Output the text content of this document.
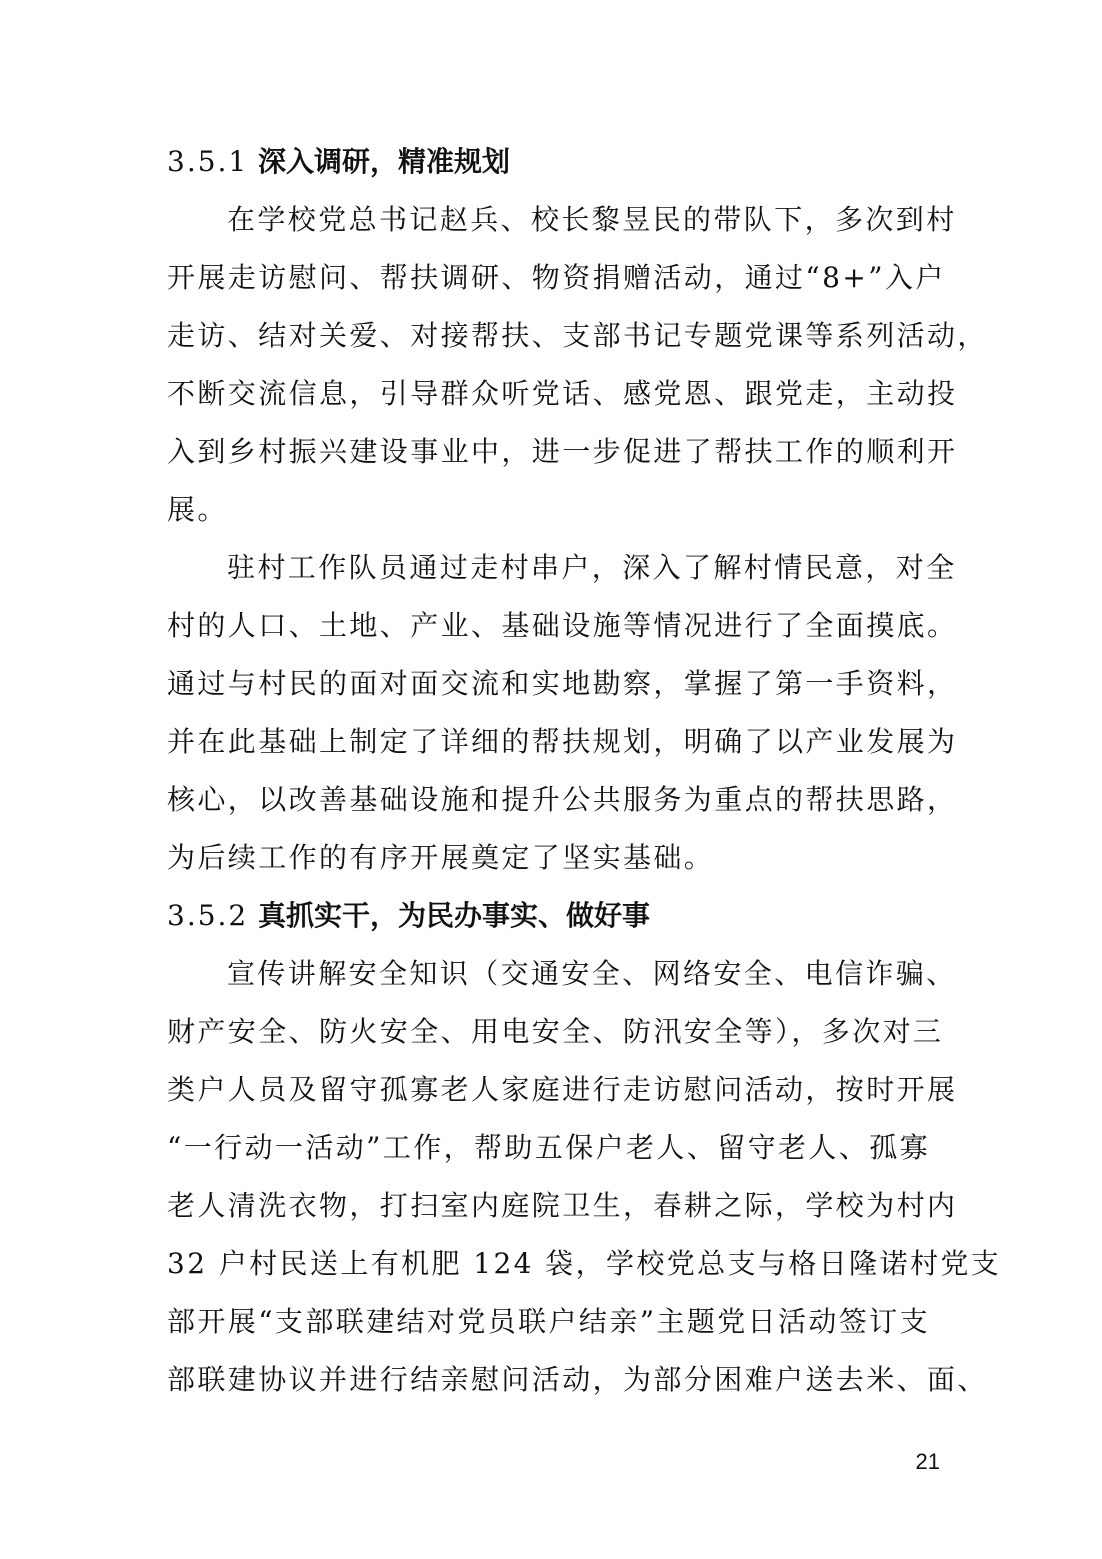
3.5.1 深入调研，精准规划
在学校党总书记赵兵、校长黎昱民的带队下，多次到村
开展走访慰问、帮扶调研、物资捐赠活动，通过“8+”入户
走访、结对关爱、对接帮扶、支部书记专题党课等系列活动，
不断交流信息，引导群众听党话、感党恩、跟党走，主动投
入到乡村振兴建设事业中，进一步促进了帮扶工作的顺利开
展。
驻村工作队员通过走村串户，深入了解村情民意，对全
村的人口、土地、产业、基础设施等情况进行了全面摸底。
通过与村民的面对面交流和实地勘察，掌握了第一手资料，
并在此基础上制定了详细的帮扶规划，明确了以产业发展为
核心，以改善基础设施和提升公共服务为重点的帮扶思路，
为后续工作的有序开展奠定了坚实基础。
3.5.2 真抓实干，为民办事实、做好事
宣传讲解安全知识（交通安全、网络安全、电信诈骗、
财产安全、防火安全、用电安全、防汛安全等），多次对三
类户人员及留守孤寡老人家庭进行走访慰问活动，按时开展
“一行动一活动”工作，帮助五保户老人、留守老人、孤寡
老人清洗衣物，打扫室内庭院卫生，春耕之际，学校为村内
32 户村民送上有机肥 124 袋，学校党总支与格日隆诺村党支
部开展“支部联建结对党员联户结亲”主题党日活动签订支
部联建协议并进行结亲慰问活动，为部分困难户送去米、面、
21
